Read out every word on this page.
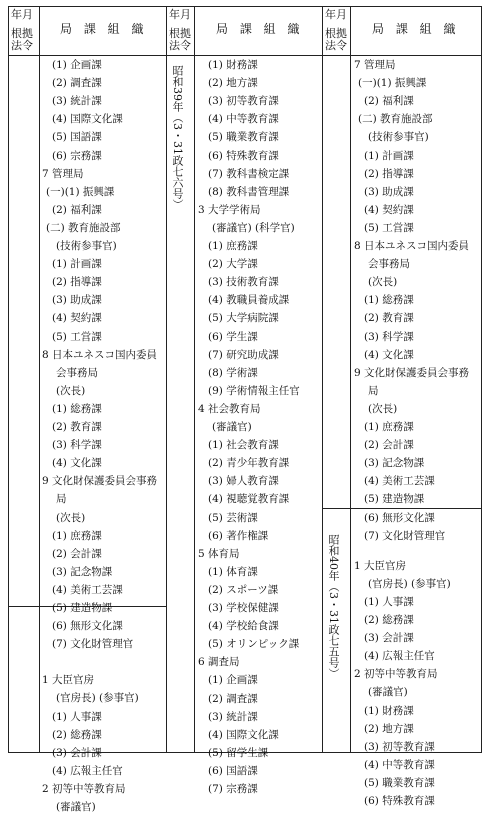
年月
根拠法令
局 課 組 織
年月
根拠法令
局 課 組 織
年月
根拠法令
局 課 組 織
昭和39年（3・31政七六号）
昭和40年（3・31政七五号）
(1) 企画課
(2) 調査課
(3) 統計課
(4) 国際文化課
(5) 国語課
(6) 宗務課
7 管理局
(一)(1) 振興課
(2) 福利課
(二) 教育施設部
(技術参事官)
(1) 計画課
(2) 指導課
(3) 助成課
(4) 契約課
(5) 工営課
8 日本ユネスコ国内委員
会事務局
(次長)
(1) 総務課
(2) 教育課
(3) 科学課
(4) 文化課
9 文化財保護委員会事務
局
(次長)
(1) 庶務課
(2) 会計課
(3) 記念物課
(4) 美術工芸課
(5) 建造物課
(6) 無形文化課
(7) 文化財管理官
1 大臣官房
(官房長) (参事官)
(1) 人事課
(2) 総務課
(3) 会計課
(4) 広報主任官
2 初等中等教育局
(審議官)
(1) 財務課
(2) 地方課
(3) 初等教育課
(4) 中等教育課
(5) 職業教育課
(6) 特殊教育課
(7) 教科書検定課
(8) 教科書管理課
3 大学学術局
(審議官) (科学官)
(1) 庶務課
(2) 大学課
(3) 技術教育課
(4) 教職員養成課
(5) 大学病院課
(6) 学生課
(7) 研究助成課
(8) 学術課
(9) 学術情報主任官
4 社会教育局
(審議官)
(1) 社会教育課
(2) 青少年教育課
(3) 婦人教育課
(4) 視聴覚教育課
(5) 芸術課
(6) 著作権課
5 体育局
(1) 体育課
(2) スポーツ課
(3) 学校保健課
(4) 学校給食課
(5) オリンピック課
6 調査局
(1) 企画課
(2) 調査課
(3) 統計課
(4) 国際文化課
(5) 留学生課
(6) 国語課
(7) 宗務課
7 管理局
(一)(1) 振興課
(2) 福利課
(二) 教育施設部
(技術参事官)
(1) 計画課
(2) 指導課
(3) 助成課
(4) 契約課
(5) 工営課
8 日本ユネスコ国内委員
会事務局
(次長)
(1) 総務課
(2) 教育課
(3) 科学課
(4) 文化課
9 文化財保護委員会事務
局
(次長)
(1) 庶務課
(2) 会計課
(3) 記念物課
(4) 美術工芸課
(5) 建造物課
(6) 無形文化課
(7) 文化財管理官
1 大臣官房
(官房長) (参事官)
(1) 人事課
(2) 総務課
(3) 会計課
(4) 広報主任官
2 初等中等教育局
(審議官)
(1) 財務課
(2) 地方課
(3) 初等教育課
(4) 中等教育課
(5) 職業教育課
(6) 特殊教育課
